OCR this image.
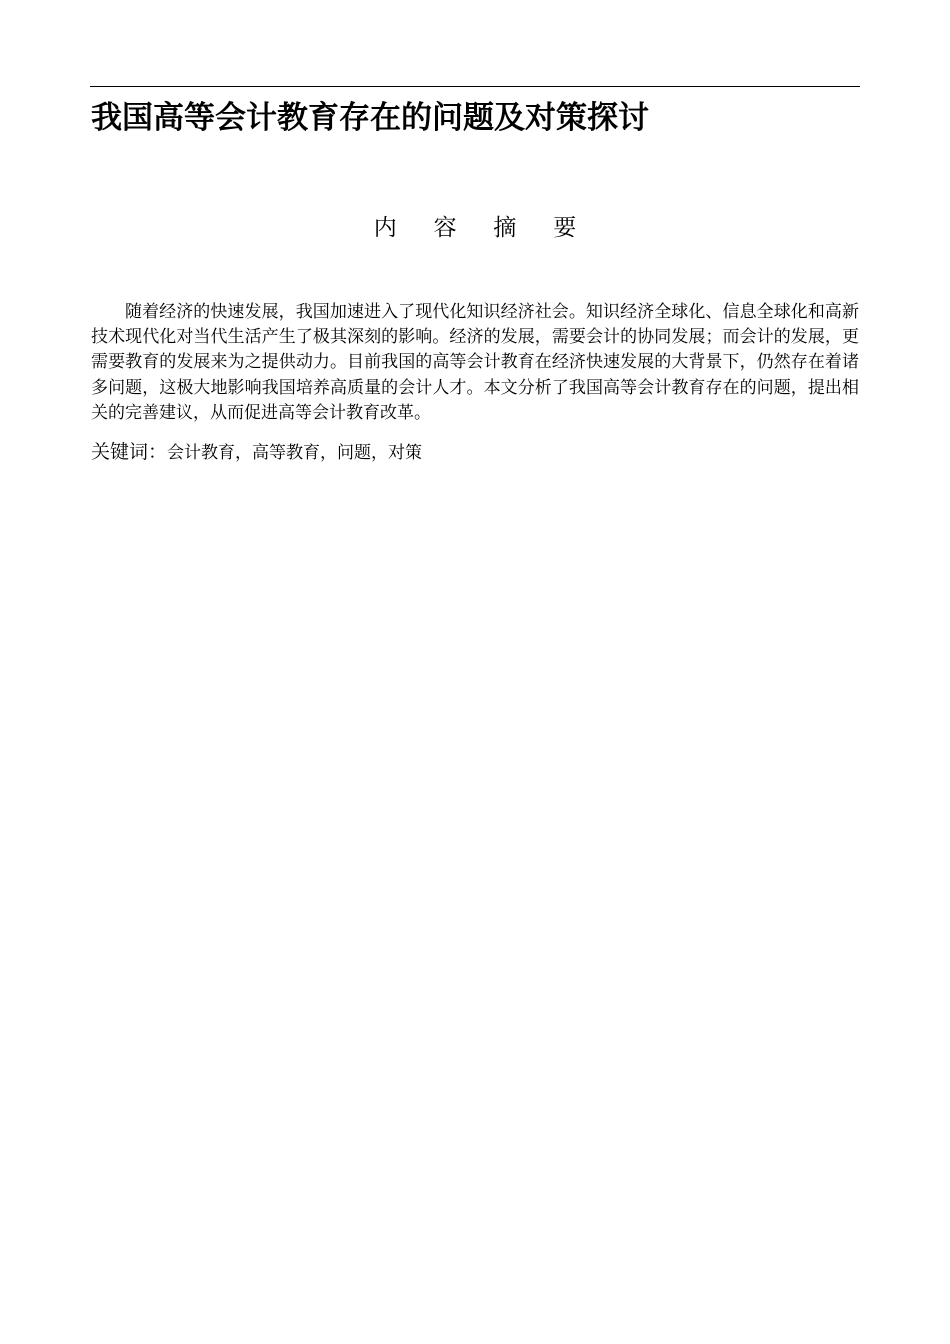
我国高等会计教育存在的问题及对策探讨
内容摘要

随着经济的快速发展，我国加速进入了现代化知识经济社会。知识经济全球化、信息全球化和高新技术现代化对当代生活产生了极其深刻的影响。经济的发展，需要会计的协同发展；而会计的发展，更需要教育的发展来为之提供动力。目前我国的高等会计教育在经济快速发展的大背景下，仍然存在着诸多问题，这极大地影响我国培养高质量的会计人才。本文分析了我国高等会计教育存在的问题，提出相关的完善建议，从而促进高等会计教育改革。

关键词：会计教育，高等教育，问题，对策
